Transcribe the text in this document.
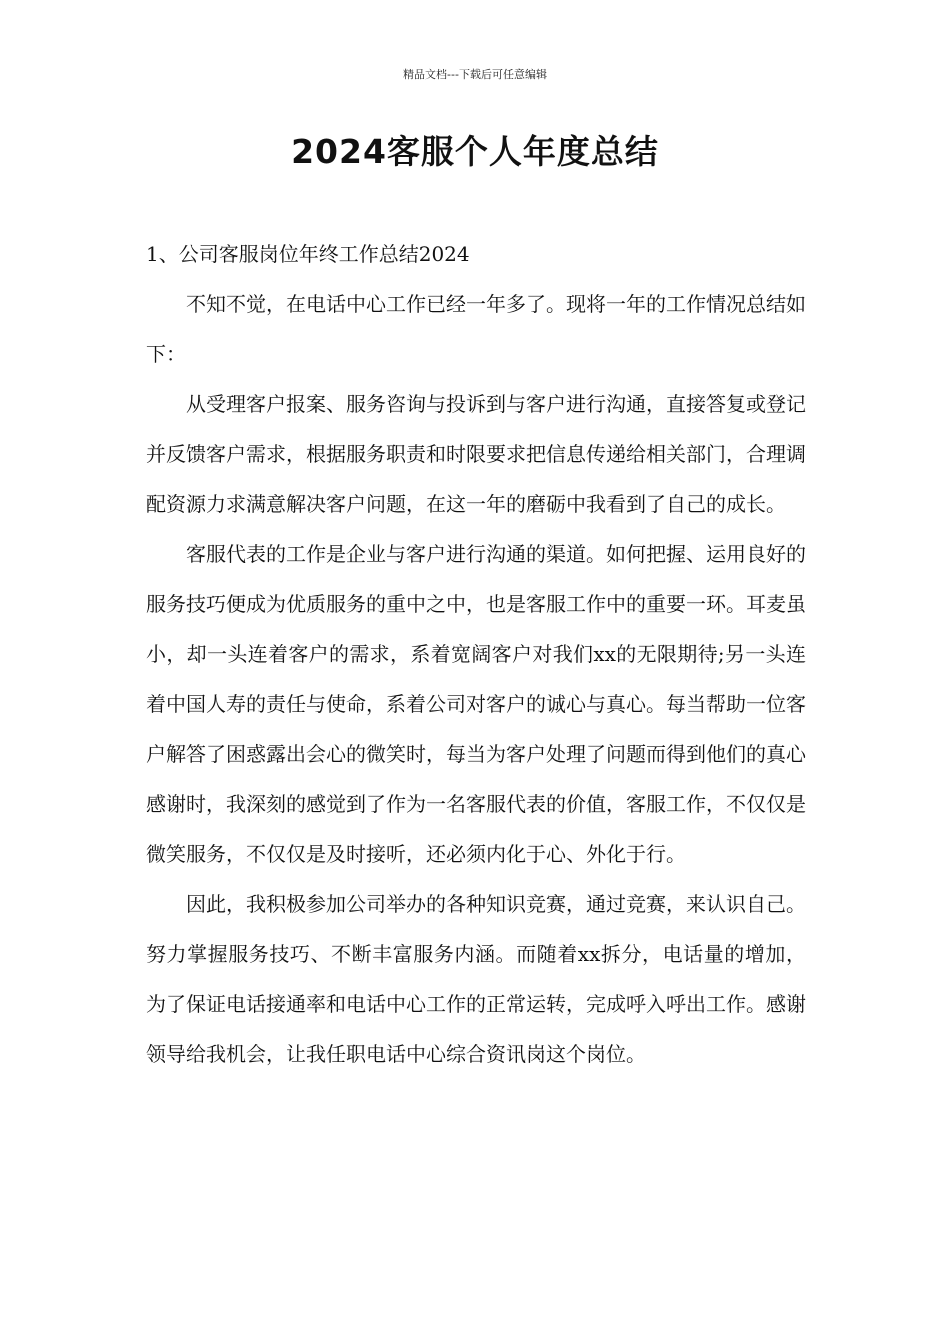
精品文档---下载后可任意编辑
2024客服个人年度总结

1、公司客服岗位年终工作总结2024

不知不觉，在电话中心工作已经一年多了。现将一年的工作情况总结如下：

从受理客户报案、服务咨询与投诉到与客户进行沟通，直接答复或登记并反馈客户需求，根据服务职责和时限要求把信息传递给相关部门，合理调配资源力求满意解决客户问题，在这一年的磨砺中我看到了自己的成长。

客服代表的工作是企业与客户进行沟通的渠道。如何把握、运用良好的服务技巧便成为优质服务的重中之中，也是客服工作中的重要一环。耳麦虽小，却一头连着客户的需求，系着宽阔客户对我们xx的无限期待;另一头连着中国人寿的责任与使命，系着公司对客户的诚心与真心。每当帮助一位客户解答了困惑露出会心的微笑时，每当为客户处理了问题而得到他们的真心感谢时，我深刻的感觉到了作为一名客服代表的价值，客服工作，不仅仅是微笑服务，不仅仅是及时接听，还必须内化于心、外化于行。

因此，我积极参加公司举办的各种知识竞赛，通过竞赛，来认识自己。努力掌握服务技巧、不断丰富服务内涵。而随着xx拆分，电话量的增加，为了保证电话接通率和电话中心工作的正常运转，完成呼入呼出工作。感谢领导给我机会，让我任职电话中心综合资讯岗这个岗位。
